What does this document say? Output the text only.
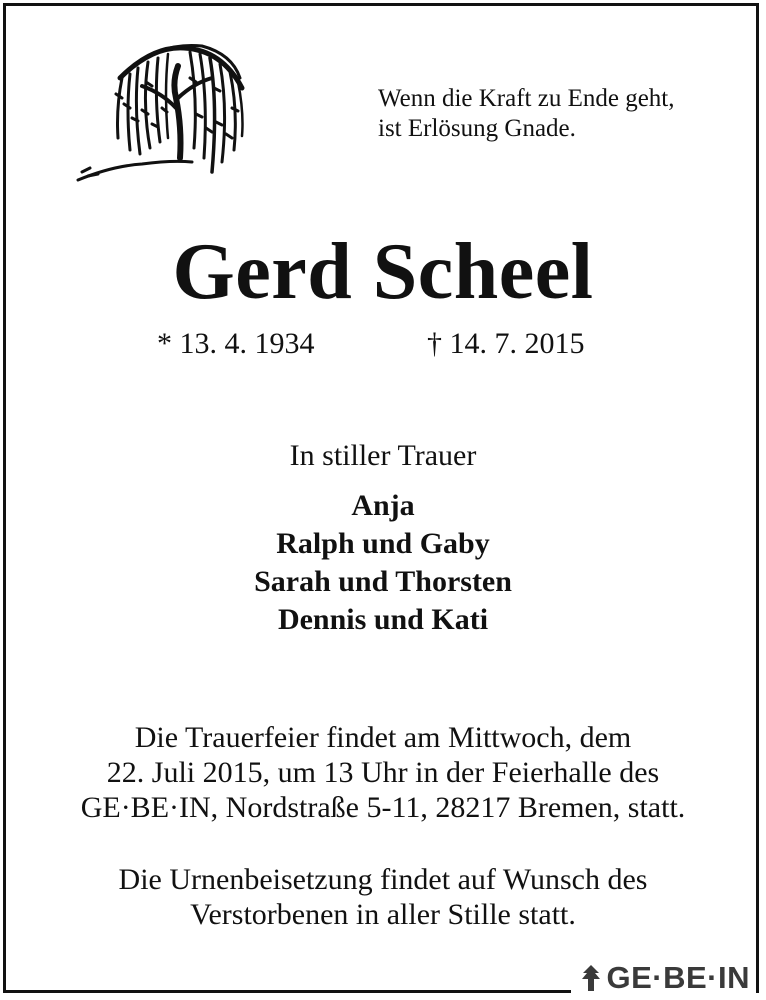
Wenn die Kraft zu Ende geht,
ist Erlösung Gnade.
Gerd Scheel
* 13. 4. 1934	† 14. 7. 2015
In stiller Trauer
Anja
Ralph und Gaby
Sarah und Thorsten
Dennis und Kati
Die Trauerfeier findet am Mittwoch, dem
22. Juli 2015, um 13 Uhr in der Feierhalle des
GE·BE·IN, Nordstraße 5-11, 28217 Bremen, statt.
Die Urnenbeisetzung findet auf Wunsch des
Verstorbenen in aller Stille statt.
GE·BE·IN
